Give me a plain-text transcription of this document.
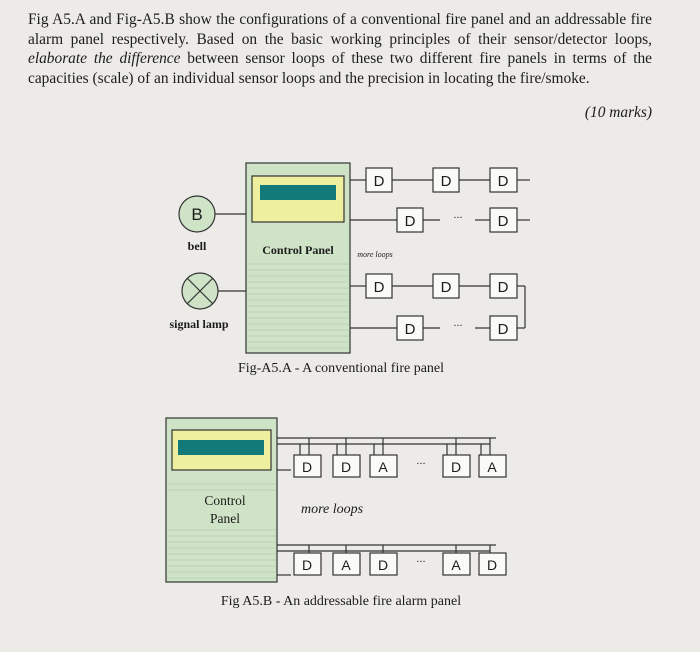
Fig A5.A and Fig-A5.B show the configurations of a conventional fire panel and an addressable fire alarm panel respectively. Based on the basic working principles of their sensor/detector loops, elaborate the difference between sensor loops of these two different fire panels in terms of the capacities (scale) of an individual sensor loops and the precision in locating the fire/smoke.
(10 marks)
B
bell
signal lamp
Control Panel	more loops
D	D	D
D	D
D	D	D
D	D
...
...
Fig-A5.A - A conventional fire panel
Control
Panel
more loops
D D A	D A
...
D A D	A D
...
Fig A5.B - An addressable fire alarm panel
